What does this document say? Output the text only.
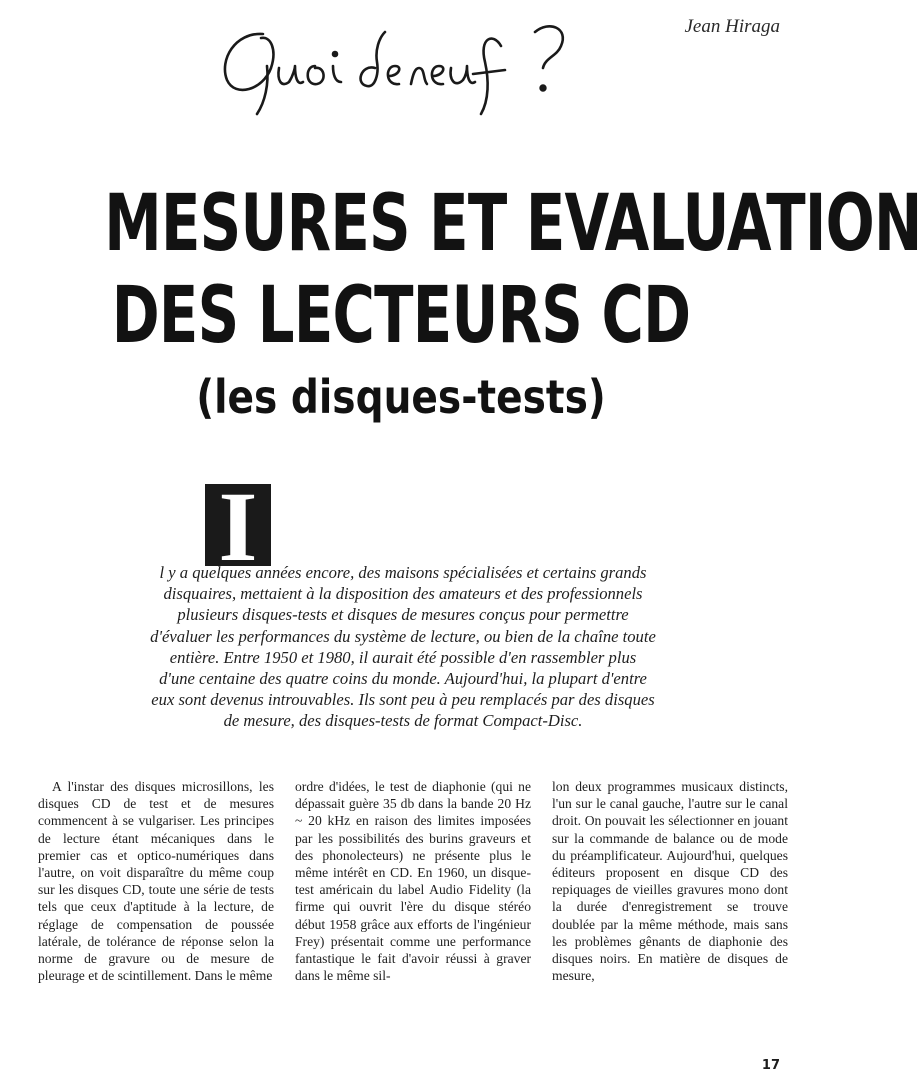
Jean Hiraga
MESURES ET EVALUATION
DES LECTEURS CD
(les disques-tests)
I

l y a quelques années encore, des maisons spécialisées et certains grands disquaires, mettaient à la disposition des amateurs et des professionnels plusieurs disques-tests et disques de mesures conçus pour permettre d'évaluer les performances du système de lecture, ou bien de la chaîne toute entière. Entre 1950 et 1980, il aurait été possible d'en rassembler plus d'une centaine des quatre coins du monde. Aujourd'hui, la plupart d'entre eux sont devenus introuvables. Ils sont peu à peu remplacés par des disques de mesure, des disques-tests de format Compact-Disc.

A l'instar des disques microsillons, les disques CD de test et de mesures commencent à se vulgariser. Les principes de lecture étant mécaniques dans le premier cas et optico-numériques dans l'autre, on voit disparaître du même coup sur les disques CD, toute une série de tests tels que ceux d'aptitude à la lecture, de réglage de compensation de poussée latérale, de tolérance de réponse selon la norme de gravure ou de mesure de pleurage et de scintillement. Dans le même

ordre d'idées, le test de diaphonie (qui ne dépassait guère 35 db dans la bande 20 Hz ~ 20 kHz en raison des limites imposées par les possibilités des burins graveurs et des phonolecteurs) ne présente plus le même intérêt en CD. En 1960, un disque-test américain du label Audio Fidelity (la firme qui ouvrit l'ère du disque stéréo début 1958 grâce aux efforts de l'ingénieur Frey) présentait comme une performance fantastique le fait d'avoir réussi à graver dans le même sil-

lon deux programmes musicaux distincts, l'un sur le canal gauche, l'autre sur le canal droit. On pouvait les sélectionner en jouant sur la commande de balance ou de mode du préamplificateur. Aujourd'hui, quelques éditeurs proposent en disque CD des repiquages de vieilles gravures mono dont la durée d'enregistrement se trouve doublée par la même méthode, mais sans les problèmes gênants de diaphonie des disques noirs. En matière de disques de mesure,

17
